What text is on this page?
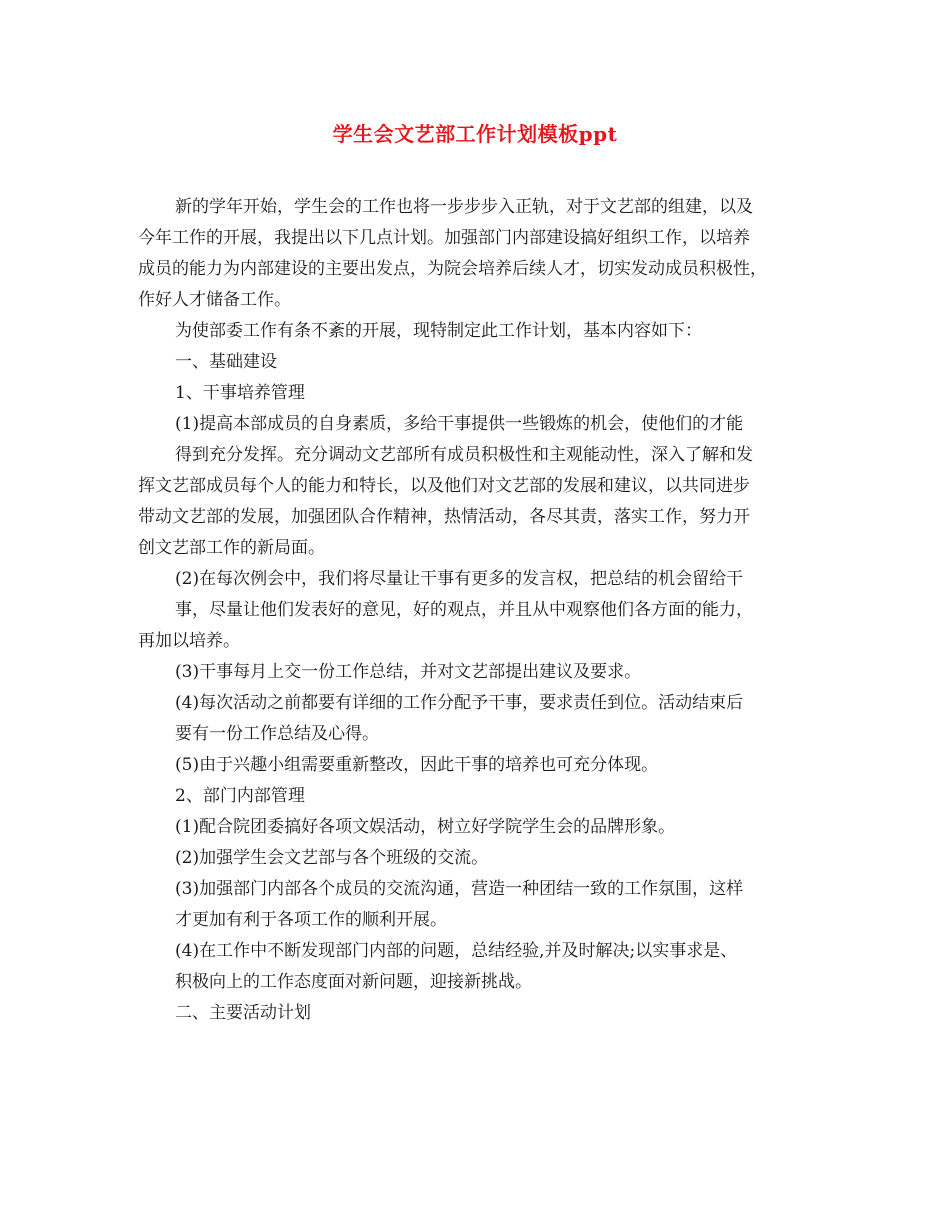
学生会文艺部工作计划模板ppt

新的学年开始，学生会的工作也将一步步步入正轨，对于文艺部的组建，以及

今年工作的开展，我提出以下几点计划。加强部门内部建设搞好组织工作，以培养

成员的能力为内部建设的主要出发点，为院会培养后续人才，切实发动成员积极性，

作好人才储备工作。

为使部委工作有条不紊的开展，现特制定此工作计划，基本内容如下：

一、基础建设

1、干事培养管理

(1)提高本部成员的自身素质，多给干事提供一些锻炼的机会，使他们的才能

得到充分发挥。充分调动文艺部所有成员积极性和主观能动性，深入了解和发

挥文艺部成员每个人的能力和特长，以及他们对文艺部的发展和建议，以共同进步

带动文艺部的发展，加强团队合作精神，热情活动，各尽其责，落实工作，努力开

创文艺部工作的新局面。

(2)在每次例会中，我们将尽量让干事有更多的发言权，把总结的机会留给干

事，尽量让他们发表好的意见，好的观点，并且从中观察他们各方面的能力，

再加以培养。

(3)干事每月上交一份工作总结，并对文艺部提出建议及要求。

(4)每次活动之前都要有详细的工作分配予干事，要求责任到位。活动结束后

要有一份工作总结及心得。

(5)由于兴趣小组需要重新整改，因此干事的培养也可充分体现。

2、部门内部管理

(1)配合院团委搞好各项文娱活动，树立好学院学生会的品牌形象。

(2)加强学生会文艺部与各个班级的交流。

(3)加强部门内部各个成员的交流沟通，营造一种团结一致的工作氛围，这样

才更加有利于各项工作的顺利开展。

(4)在工作中不断发现部门内部的问题，总结经验,并及时解决;以实事求是、

积极向上的工作态度面对新问题，迎接新挑战。

二、主要活动计划
